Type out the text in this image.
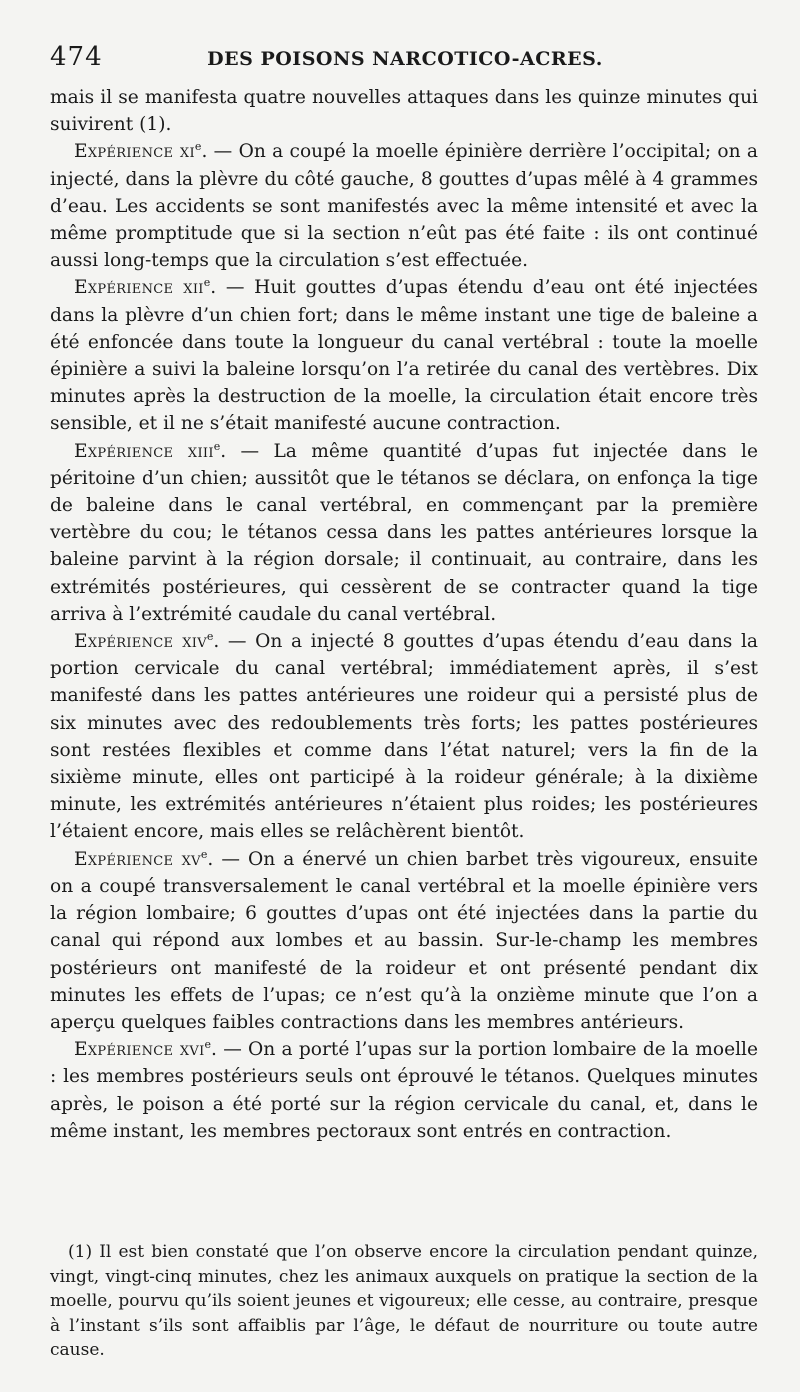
474	DES POISONS NARCOTICO-ACRES.

mais il se manifesta quatre nouvelles attaques dans les quinze minutes qui suivirent (1).

Expérience $xi^e$. — On a coupé la moelle épinière derrière l’occipital; on a injecté, dans la plèvre du côté gauche, 8 gouttes d’upas mêlé à 4 grammes d’eau. Les accidents se sont manifestés avec la même intensité et avec la même promptitude que si la section n’eût pas été faite : ils ont continué aussi long-temps que la circulation s’est effectuée.

Expérience xii$^e$. — Huit gouttes d’upas étendu d’eau ont été injectées dans la plèvre d’un chien fort; dans le même instant une tige de baleine a été enfoncée dans toute la longueur du canal vertébral : toute la moelle épinière a suivi la baleine lorsqu’on l’a retirée du canal des vertèbres. Dix minutes après la destruction de la moelle, la circulation était encore très sensible, et il ne s’était manifesté aucune contraction.

Expérience xiii$^e$. — La même quantité d’upas fut injectée dans le péritoine d’un chien; aussitôt que le tétanos se déclara, on enfonça la tige de baleine dans le canal vertébral, en commençant par la première vertèbre du cou; le tétanos cessa dans les pattes antérieures lorsque la baleine parvint à la région dorsale; il continuait, au contraire, dans les extrémités postérieures, qui cessèrent de se contracter quand la tige arriva à l’extrémité caudale du canal vertébral.

Expérience xiv$^e$. — On a injecté 8 gouttes d’upas étendu d’eau dans la portion cervicale du canal vertébral; immédiatement après, il s’est manifesté dans les pattes antérieures une roideur qui a persisté plus de six minutes avec des redoublements très forts; les pattes postérieures sont restées flexibles et comme dans l’état naturel; vers la fin de la sixième minute, elles ont participé à la roideur générale; à la dixième minute, les extrémités antérieures n’étaient plus roides; les postérieures l’étaient encore, mais elles se relâchèrent bientôt.

Expérience $xv^e$. — On a énervé un chien barbet très vigoureux, ensuite on a coupé transversalement le canal vertébral et la moelle épinière vers la région lombaire; 6 gouttes d’upas ont été injectées dans la partie du canal qui répond aux lombes et au bassin. Sur-le-champ les membres postérieurs ont manifesté de la roideur et ont présenté pendant dix minutes les effets de l’upas; ce n’est qu’à la onzième minute que l’on a aperçu quelques faibles contractions dans les membres antérieurs.

Expérience xvi$^e$. — On a porté l’upas sur la portion lombaire de la moelle : les membres postérieurs seuls ont éprouvé le tétanos. Quelques minutes après, le poison a été porté sur la région cervicale du canal, et, dans le même instant, les membres pectoraux sont entrés en contraction.

(1) Il est bien constaté que l’on observe encore la circulation pendant quinze, vingt, vingt-cinq minutes, chez les animaux auxquels on pratique la section de la moelle, pourvu qu’ils soient jeunes et vigoureux; elle cesse, au contraire, presque à l’instant s’ils sont affaiblis par l’âge, le défaut de nourriture ou toute autre cause.
